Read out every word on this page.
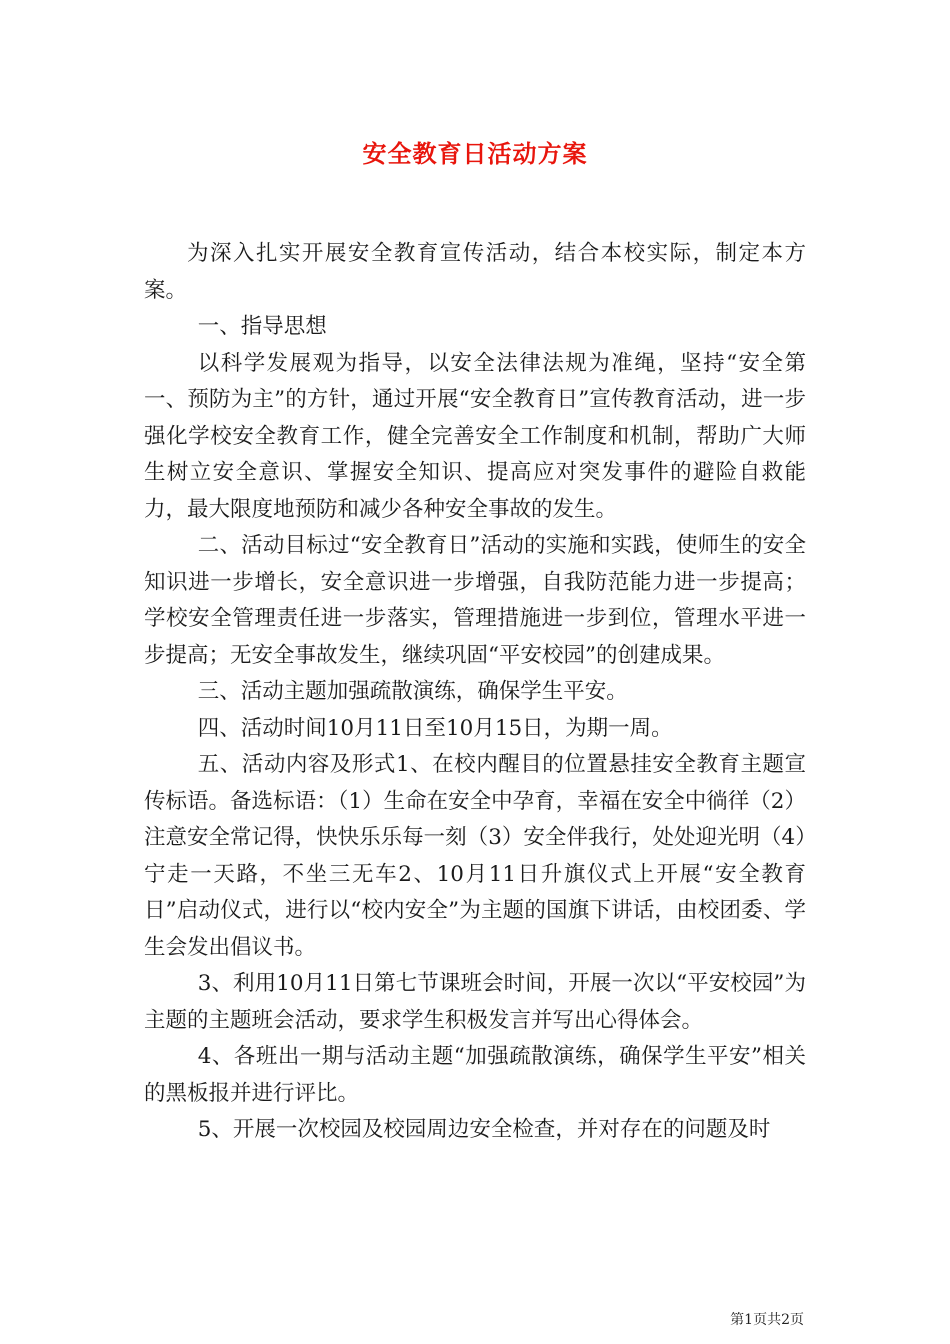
安全教育日活动方案

为深入扎实开展安全教育宣传活动，结合本校实际，制定本方案。

一、指导思想

以科学发展观为指导，以安全法律法规为准绳，坚持“安全第一、预防为主”的方针，通过开展“安全教育日”宣传教育活动，进一步强化学校安全教育工作，健全完善安全工作制度和机制，帮助广大师生树立安全意识、掌握安全知识、提高应对突发事件的避险自救能力，最大限度地预防和减少各种安全事故的发生。

二、活动目标过“安全教育日”活动的实施和实践，使师生的安全知识进一步增长，安全意识进一步增强，自我防范能力进一步提高；学校安全管理责任进一步落实，管理措施进一步到位，管理水平进一步提高；无安全事故发生，继续巩固“平安校园”的创建成果。

三、活动主题加强疏散演练，确保学生平安。

四、活动时间10月11日至10月15日，为期一周。

五、活动内容及形式1、在校内醒目的位置悬挂安全教育主题宣传标语。备选标语：（1）生命在安全中孕育，幸福在安全中徜徉（2）注意安全常记得，快快乐乐每一刻（3）安全伴我行，处处迎光明（4）宁走一天路，不坐三无车2、10月11日升旗仪式上开展“安全教育日”启动仪式，进行以“校内安全”为主题的国旗下讲话，由校团委、学生会发出倡议书。

3、利用10月11日第七节课班会时间，开展一次以“平安校园”为主题的主题班会活动，要求学生积极发言并写出心得体会。

4、各班出一期与活动主题“加强疏散演练，确保学生平安”相关的黑板报并进行评比。

5、开展一次校园及校园周边安全检查，并对存在的问题及时

第1页共2页
